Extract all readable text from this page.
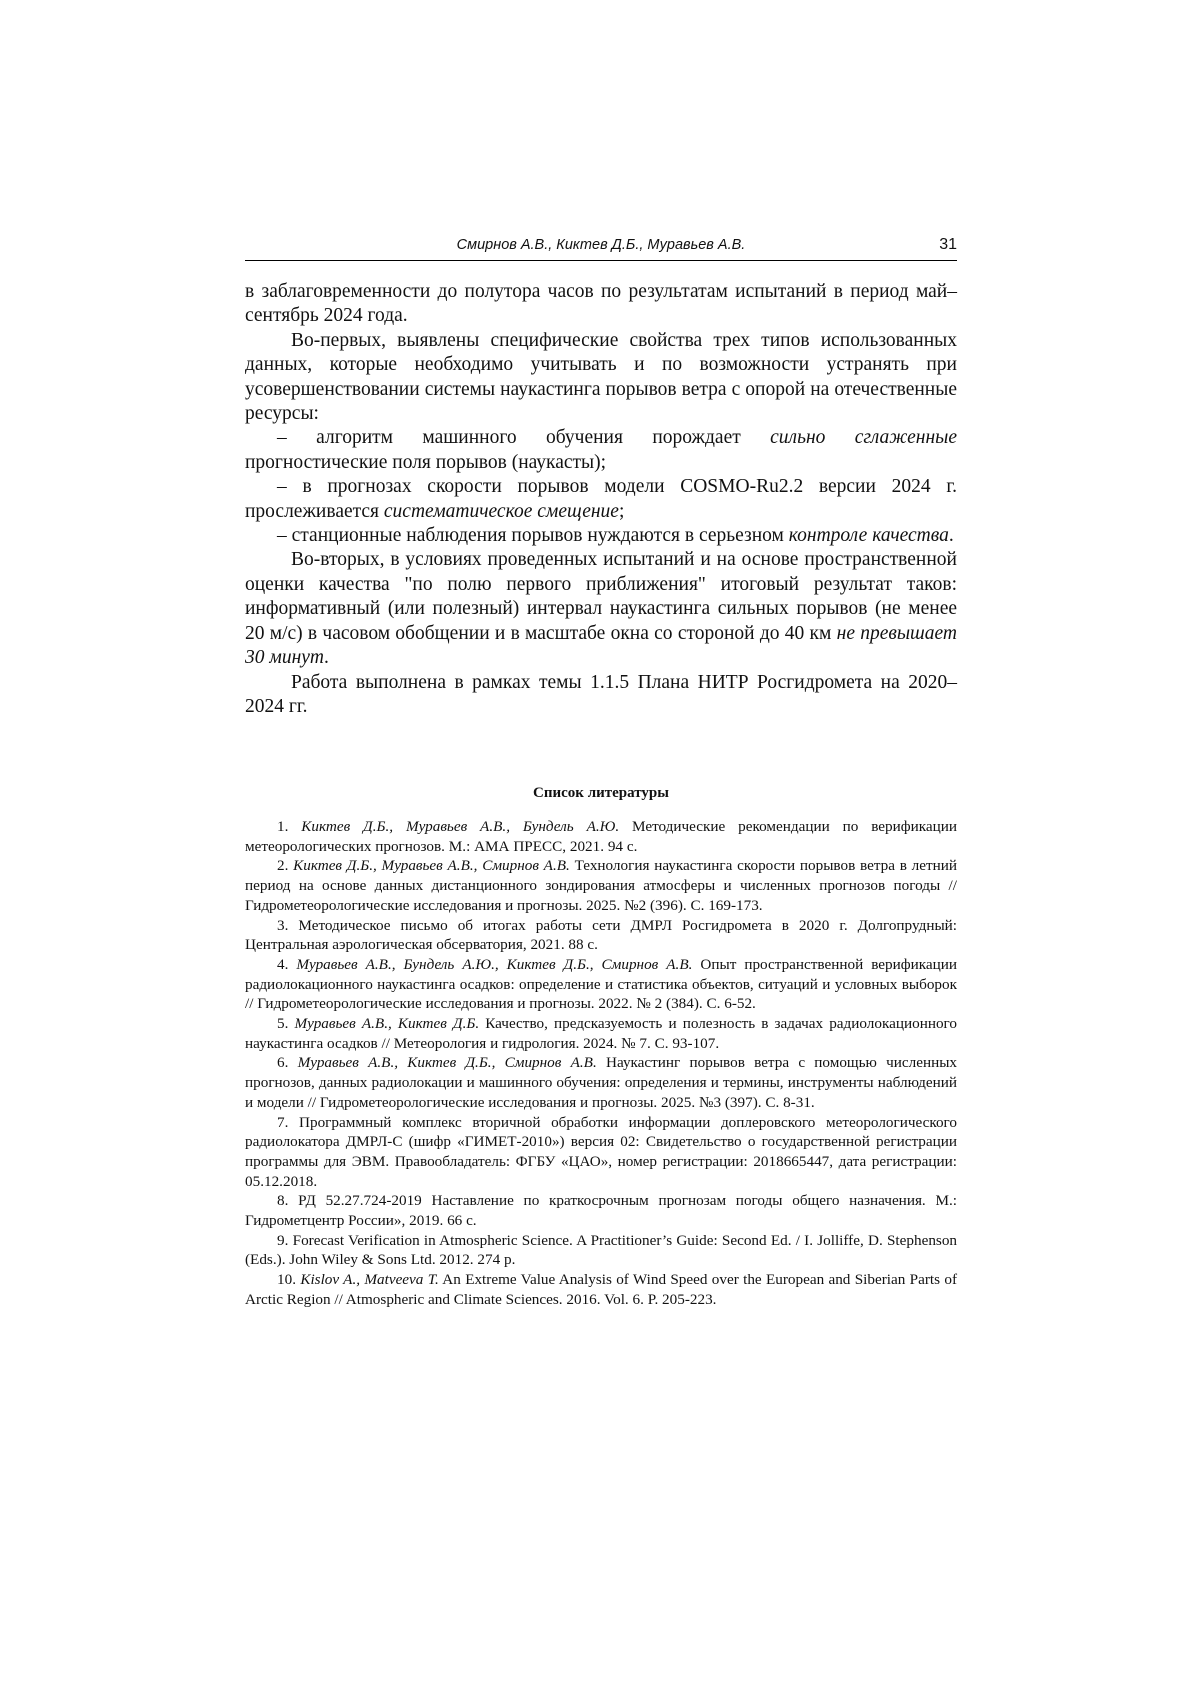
Смирнов А.В., Киктев Д.Б., Муравьев А.В.	31

в заблаговременности до полутора часов по результатам испытаний в период май–сентябрь 2024 года.

Во-первых, выявлены специфические свойства трех типов использованных данных, которые необходимо учитывать и по возможности устранять при усовершенствовании системы наукастинга порывов ветра с опорой на отечественные ресурсы:

– алгоритм машинного обучения порождает сильно сглаженные прогностические поля порывов (наукасты);

– в прогнозах скорости порывов модели COSMO-Ru2.2 версии 2024 г. прослеживается систематическое смещение;

– станционные наблюдения порывов нуждаются в серьезном контроле качества.

Во-вторых, в условиях проведенных испытаний и на основе пространственной оценки качества "по полю первого приближения" итоговый результат таков: информативный (или полезный) интервал наукастинга сильных порывов (не менее 20 м/с) в часовом обобщении и в масштабе окна со стороной до 40 км не превышает 30 минут.

Работа выполнена в рамках темы 1.1.5 Плана НИТР Росгидромета на 2020–2024 гг.

Список литературы

1. Киктев Д.Б., Муравьев А.В., Бундель А.Ю. Методические рекомендации по верификации метеорологических прогнозов. М.: АМА ПРЕСС, 2021. 94 с.

2. Киктев Д.Б., Муравьев А.В., Смирнов А.В. Технология наукастинга скорости порывов ветра в летний период на основе данных дистанционного зондирования атмосферы и численных прогнозов погоды // Гидрометеорологические исследования и прогнозы. 2025. №2 (396). С. 169-173.

3. Методическое письмо об итогах работы сети ДМРЛ Росгидромета в 2020 г. Долгопрудный: Центральная аэрологическая обсерватория, 2021. 88 с.

4. Муравьев А.В., Бундель А.Ю., Киктев Д.Б., Смирнов А.В. Опыт пространственной верификации радиолокационного наукастинга осадков: определение и статистика объектов, ситуаций и условных выборок // Гидрометеорологические исследования и прогнозы. 2022. № 2 (384). С. 6-52.

5. Муравьев А.В., Киктев Д.Б. Качество, предсказуемость и полезность в задачах радиолокационного наукастинга осадков // Метеорология и гидрология. 2024. № 7. С. 93-107.

6. Муравьев А.В., Киктев Д.Б., Смирнов А.В. Наукастинг порывов ветра с помощью численных прогнозов, данных радиолокации и машинного обучения: определения и термины, инструменты наблюдений и модели // Гидрометеорологические исследования и прогнозы. 2025. №3 (397). С. 8-31.

7. Программный комплекс вторичной обработки информации доплеровского метеорологического радиолокатора ДМРЛ-С (шифр «ГИМЕТ-2010») версия 02: Свидетельство о государственной регистрации программы для ЭВМ. Правообладатель: ФГБУ «ЦАО», номер регистрации: 2018665447, дата регистрации: 05.12.2018.

8. РД 52.27.724-2019 Наставление по краткосрочным прогнозам погоды общего назначения. М.: Гидрометцентр России», 2019. 66 с.

9. Forecast Verification in Atmospheric Science. A Practitioner’s Guide: Second Ed. / I. Jolliffe, D. Stephenson (Eds.). John Wiley & Sons Ltd. 2012. 274 p.

10. Kislov A., Matveeva T. An Extreme Value Analysis of Wind Speed over the European and Siberian Parts of Arctic Region // Atmospheric and Climate Sciences. 2016. Vol. 6. P. 205-223.
